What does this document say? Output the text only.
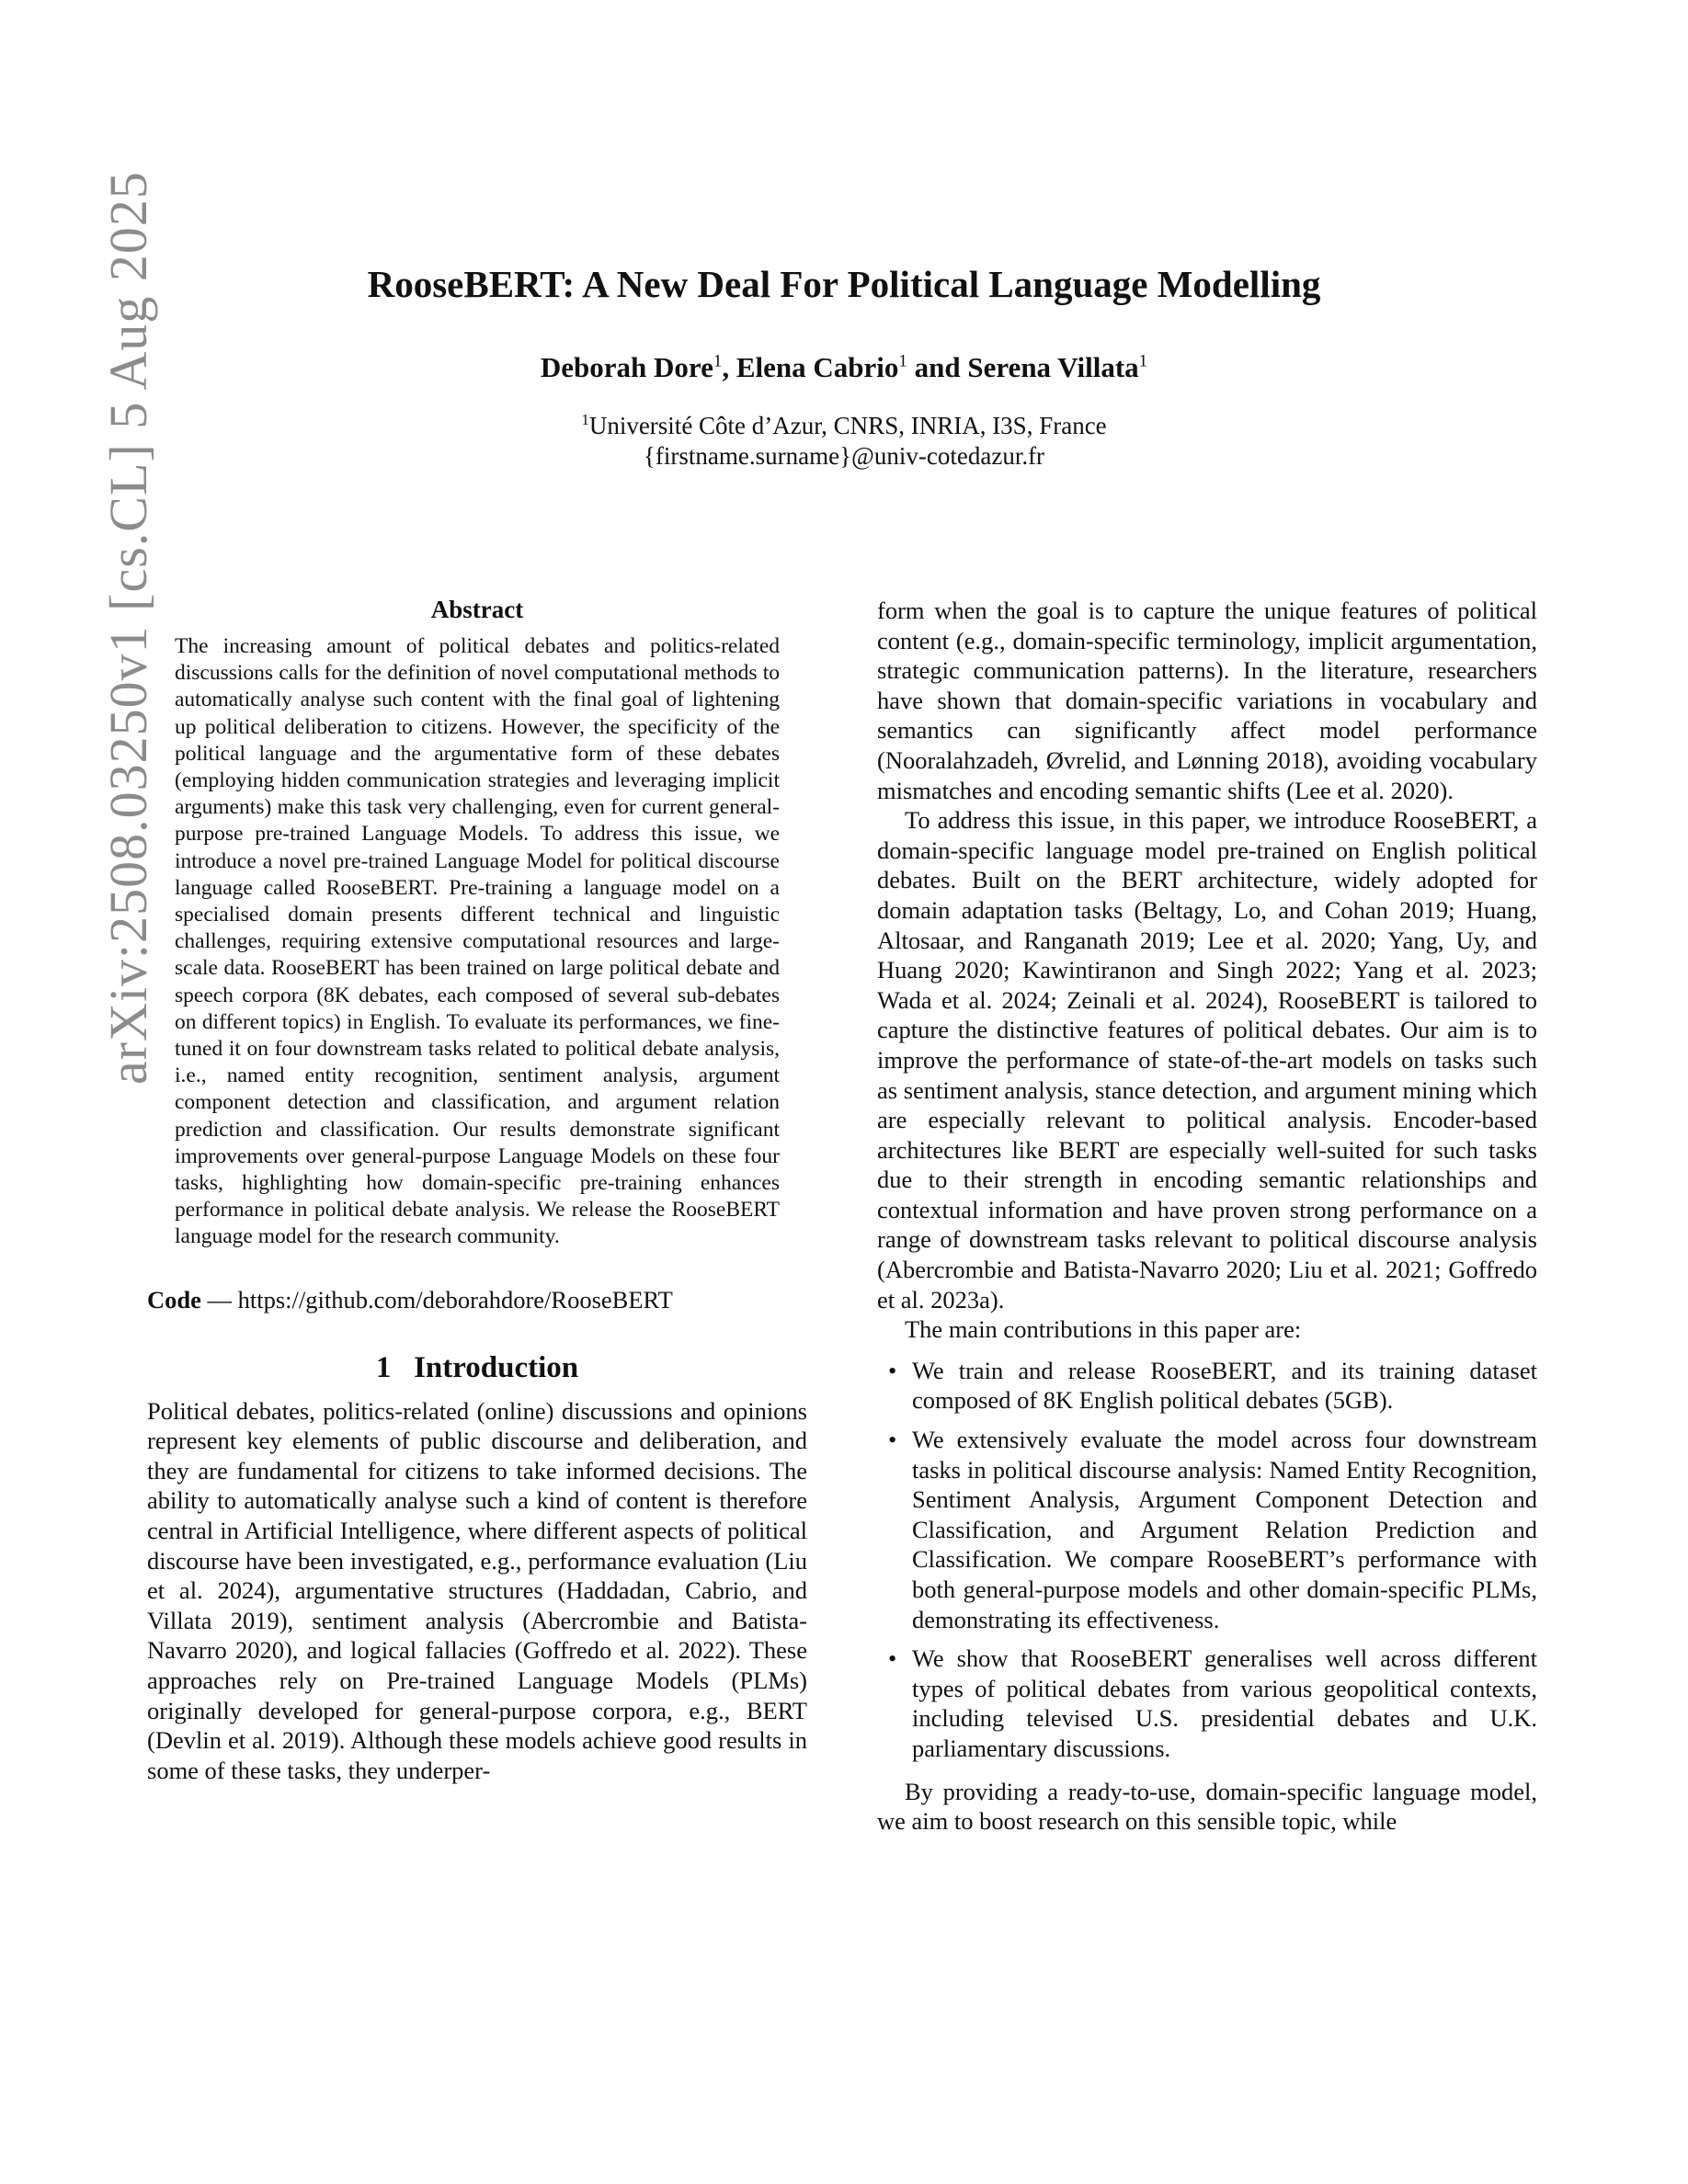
arXiv:2508.03250v1 [cs.CL] 5 Aug 2025	RooseBERT: A New Deal For Political Language Modelling
Deborah Dore$^1$, Elena Cabrio$^1$ and Serena Villata$^1$
$^1$Université Côte d’Azur, CNRS, INRIA, I3S, France
{firstname.surname}@univ-cotedazur.fr
Abstract

The increasing amount of political debates and politics-related discussions calls for the definition of novel computational methods to automatically analyse such content with the final goal of lightening up political deliberation to citizens. However, the specificity of the political language and the argumentative form of these debates (employing hidden communication strategies and leveraging implicit arguments) make this task very challenging, even for current general-purpose pre-trained Language Models. To address this issue, we introduce a novel pre-trained Language Model for political discourse language called RooseBERT. Pre-training a language model on a specialised domain presents different technical and linguistic challenges, requiring extensive computational resources and large-scale data. RooseBERT has been trained on large political debate and speech corpora (8K debates, each composed of several sub-debates on different topics) in English. To evaluate its performances, we fine-tuned it on four downstream tasks related to political debate analysis, i.e., named entity recognition, sentiment analysis, argument component detection and classification, and argument relation prediction and classification. Our results demonstrate significant improvements over general-purpose Language Models on these four tasks, highlighting how domain-specific pre-training enhances performance in political debate analysis. We release the RooseBERT language model for the research community.

Code — https://github.com/deborahdore/RooseBERT
1 Introduction

Political debates, politics-related (online) discussions and opinions represent key elements of public discourse and deliberation, and they are fundamental for citizens to take informed decisions. The ability to automatically analyse such a kind of content is therefore central in Artificial Intelligence, where different aspects of political discourse have been investigated, e.g., performance evaluation (Liu et al. 2024), argumentative structures (Haddadan, Cabrio, and Villata 2019), sentiment analysis (Abercrombie and Batista-Navarro 2020), and logical fallacies (Goffredo et al. 2022). These approaches rely on Pre-trained Language Models (PLMs) originally developed for general-purpose corpora, e.g., BERT (Devlin et al. 2019). Although these models achieve good results in some of these tasks, they underper-

form when the goal is to capture the unique features of political content (e.g., domain-specific terminology, implicit argumentation, strategic communication patterns). In the literature, researchers have shown that domain-specific variations in vocabulary and semantics can significantly affect model performance (Nooralahzadeh, Øvrelid, and Lønning 2018), avoiding vocabulary mismatches and encoding semantic shifts (Lee et al. 2020).

To address this issue, in this paper, we introduce RooseBERT, a domain-specific language model pre-trained on English political debates. Built on the BERT architecture, widely adopted for domain adaptation tasks (Beltagy, Lo, and Cohan 2019; Huang, Altosaar, and Ranganath 2019; Lee et al. 2020; Yang, Uy, and Huang 2020; Kawintiranon and Singh 2022; Yang et al. 2023; Wada et al. 2024; Zeinali et al. 2024), RooseBERT is tailored to capture the distinctive features of political debates. Our aim is to improve the performance of state-of-the-art models on tasks such as sentiment analysis, stance detection, and argument mining which are especially relevant to political analysis. Encoder-based architectures like BERT are especially well-suited for such tasks due to their strength in encoding semantic relationships and contextual information and have proven strong performance on a range of downstream tasks relevant to political discourse analysis (Abercrombie and Batista-Navarro 2020; Liu et al. 2021; Goffredo et al. 2023a).

The main contributions in this paper are:

• We train and release RooseBERT, and its training dataset composed of 8K English political debates (5GB).
• We extensively evaluate the model across four downstream tasks in political discourse analysis: Named Entity Recognition, Sentiment Analysis, Argument Component Detection and Classification, and Argument Relation Prediction and Classification. We compare RooseBERT’s performance with both general-purpose models and other domain-specific PLMs, demonstrating its effectiveness.
• We show that RooseBERT generalises well across different types of political debates from various geopolitical contexts, including televised U.S. presidential debates and U.K. parliamentary discussions.

By providing a ready-to-use, domain-specific language model, we aim to boost research on this sensible topic, while
